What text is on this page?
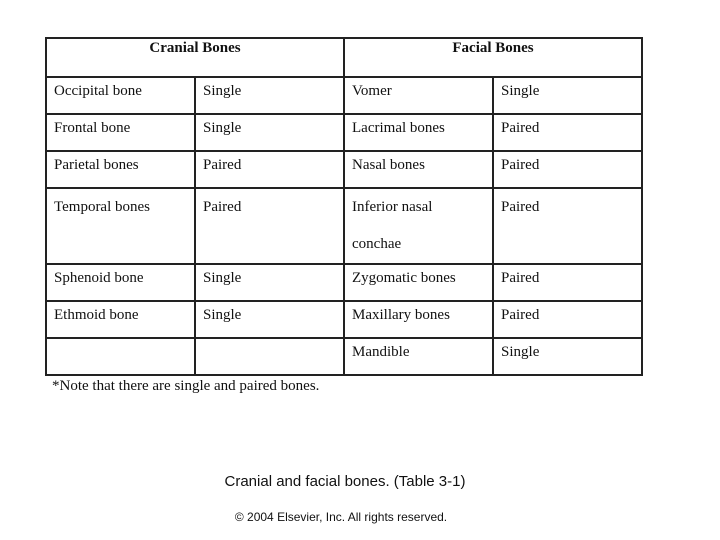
Cranial Bones		Facial Bones	
Occipital bone	Single	Vomer	Single
Frontal bone	Single	Lacrimal bones	Paired
Parietal bones	Paired	Nasal bones	Paired
Temporal bones	Paired	Inferior nasal conchae	Paired
Sphenoid bone	Single	Zygomatic bones	Paired
Ethmoid bone	Single	Maxillary bones	Paired
		Mandible	Single

*Note that there are single and paired bones.

Cranial and facial bones. (Table 3-1)

© 2004 Elsevier, Inc. All rights reserved.
